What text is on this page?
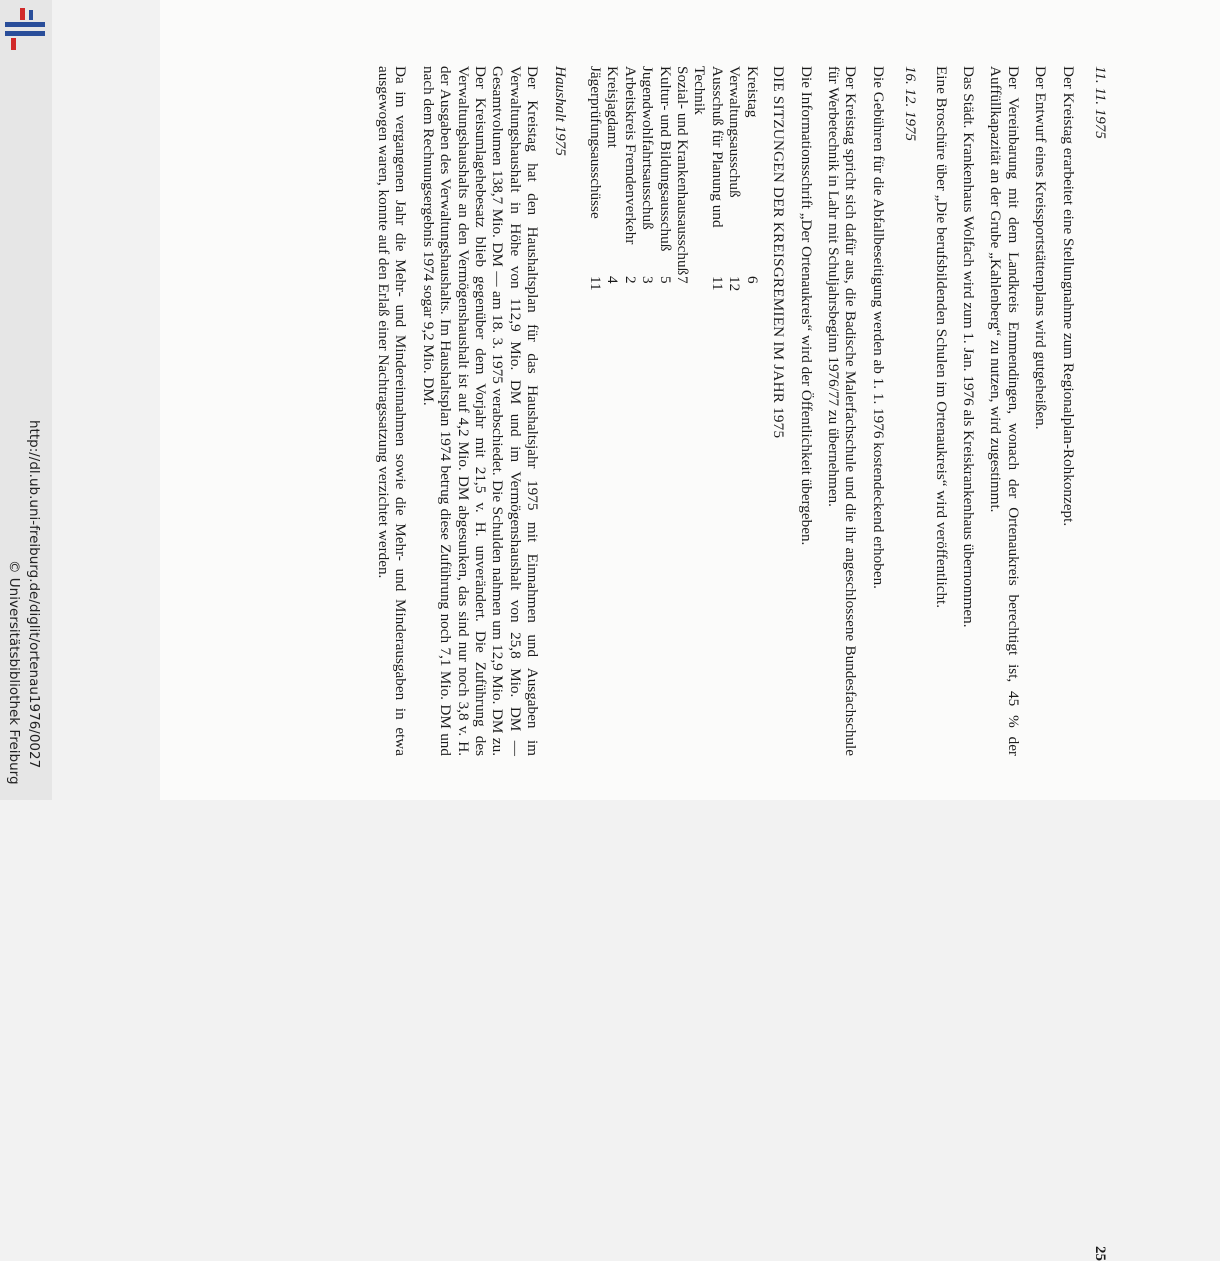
http://dl.ub.uni-freiburg.de/diglit/ortenau1976/0027
© Universitätsbibliothek Freiburg
11. 11. 1975

Der Kreistag erarbeitet eine Stellungnahme zum Regionalplan-Rohkonzept.

Der Entwurf eines Kreissportstättenplans wird gutgeheißen.

Der Vereinbarung mit dem Landkreis Emmendingen, wonach der Ortenaukreis berechtigt ist, 45 % der Auffüllkapazität an der Grube „Kahlenberg“ zu nutzen, wird zugestimmt.

Das Städt. Krankenhaus Wolfach wird zum 1. Jan. 1976 als Kreiskrankenhaus übernommen.

Eine Broschüre über „Die berufsbildenden Schulen im Ortenaukreis“ wird veröffentlicht.

16. 12. 1975

Die Gebühren für die Abfallbeseitigung werden ab 1. 1. 1976 kostendeckend erhoben.

Der Kreistag spricht sich dafür aus, die Badische Malerfachschule und die ihr angeschlossene Bundesfachschule für Werbetechnik in Lahr mit Schuljahrsbeginn 1976/77 zu übernehmen.

Die Informationsschrift „Der Ortenaukreis“ wird der Öffentlichkeit übergeben.

DIE SITZUNGEN DER KREISGREMIEN IM JAHR 1975
Kreistag	6
Verwaltungsausschuß	12
Ausschuß für Planung und Technik	11
Sozial- und Krankenhausausschuß	7
Kultur- und Bildungsausschuß	5
Jugendwohlfahrtsausschuß	3
Arbeitskreis Fremdenverkehr	2
Kreisjagdamt	4
Jägerprüfungsausschüsse	11
Haushalt 1975

Der Kreistag hat den Haushaltsplan für das Haushaltsjahr 1975 mit Einnahmen und Ausgaben im Verwaltungshaushalt in Höhe von 112,9 Mio. DM und im Vermögenshaushalt von 25,8 Mio. DM — Gesamtvolumen 138,7 Mio. DM — am 18. 3. 1975 verabschiedet. Die Schulden nahmen um 12,9 Mio. DM zu. Der Kreisumlagehebesatz blieb gegenüber dem Vorjahr mit 21,5 v. H. unverändert. Die Zuführung des Verwaltungshaushalts an den Vermögenshaushalt ist auf 4,2 Mio. DM abgesunken, das sind nur noch 3,8 v. H. der Ausgaben des Verwaltungshaushalts. Im Haushaltsplan 1974 betrug diese Zuführung noch 7,1 Mio. DM und nach dem Rechnungsergebnis 1974 sogar 9,2 Mio. DM.

Da im vergangenen Jahr die Mehr- und Mindereinnahmen sowie die Mehr- und Minderausgaben in etwa ausgewogen waren, konnte auf den Erlaß einer Nachtragssatzung verzichtet werden.

25
